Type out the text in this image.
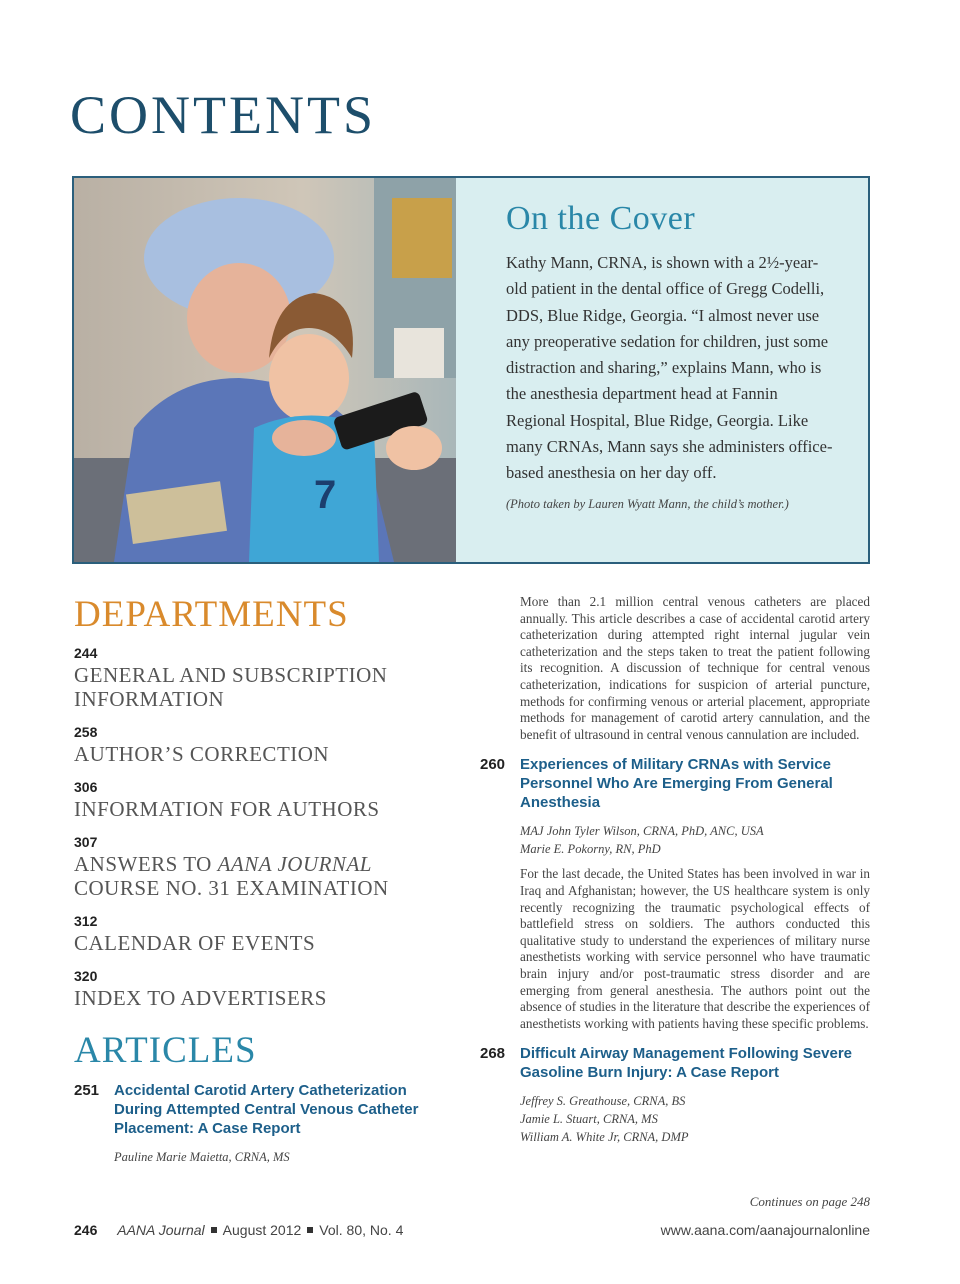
CONTENTS
7
On the Cover

Kathy Mann, CRNA, is shown with a 2½-year-old patient in the dental office of Gregg Codelli, DDS, Blue Ridge, Georgia. “I almost never use any preoperative sedation for children, just some distraction and sharing,” explains Mann, who is the anesthesia department head at Fannin Regional Hospital, Blue Ridge, Georgia. Like many CRNAs, Mann says she administers office-based anesthesia on her day off.

(Photo taken by Lauren Wyatt Mann, the child’s mother.)

DEPARTMENTS
244
GENERAL AND SUBSCRIPTION INFORMATION
258
AUTHOR’S CORRECTION
306
INFORMATION FOR AUTHORS
307
ANSWERS TO AANA JOURNAL COURSE NO. 31 EXAMINATION
312
CALENDAR OF EVENTS
320
INDEX TO ADVERTISERS
ARTICLES
251 Accidental Carotid Artery Catheterization During Attempted Central Venous Catheter Placement: A Case Report

Pauline Marie Maietta, CRNA, MS

More than 2.1 million central venous catheters are placed annually. This article describes a case of accidental carotid artery catheterization during attempted right internal jugular vein catheterization and the steps taken to treat the patient following its recognition. A discussion of technique for central venous catheterization, indications for suspicion of arterial puncture, methods for confirming venous or arterial placement, appropriate methods for management of carotid artery cannulation, and the benefit of ultrasound in central venous cannulation are included.

260 Experiences of Military CRNAs with Service Personnel Who Are Emerging From General Anesthesia

MAJ John Tyler Wilson, CRNA, PhD, ANC, USA
Marie E. Pokorny, RN, PhD

For the last decade, the United States has been involved in war in Iraq and Afghanistan; however, the US healthcare system is only recently recognizing the traumatic psychological effects of battlefield stress on soldiers. The authors conducted this qualitative study to understand the experiences of military nurse anesthetists working with service personnel who have traumatic brain injury and/or post-traumatic stress disorder and are emerging from general anesthesia. The authors point out the absence of studies in the literature that describe the experiences of anesthetists working with patients having these specific problems.

268 Difficult Airway Management Following Severe Gasoline Burn Injury: A Case Report

Jeffrey S. Greathouse, CRNA, BS
Jamie L. Stuart, CRNA, MS
William A. White Jr, CRNA, DMP

Continues on page 248
246 AANA Journal August 2012 Vol. 80, No. 4	www.aana.com/aanajournalonline
